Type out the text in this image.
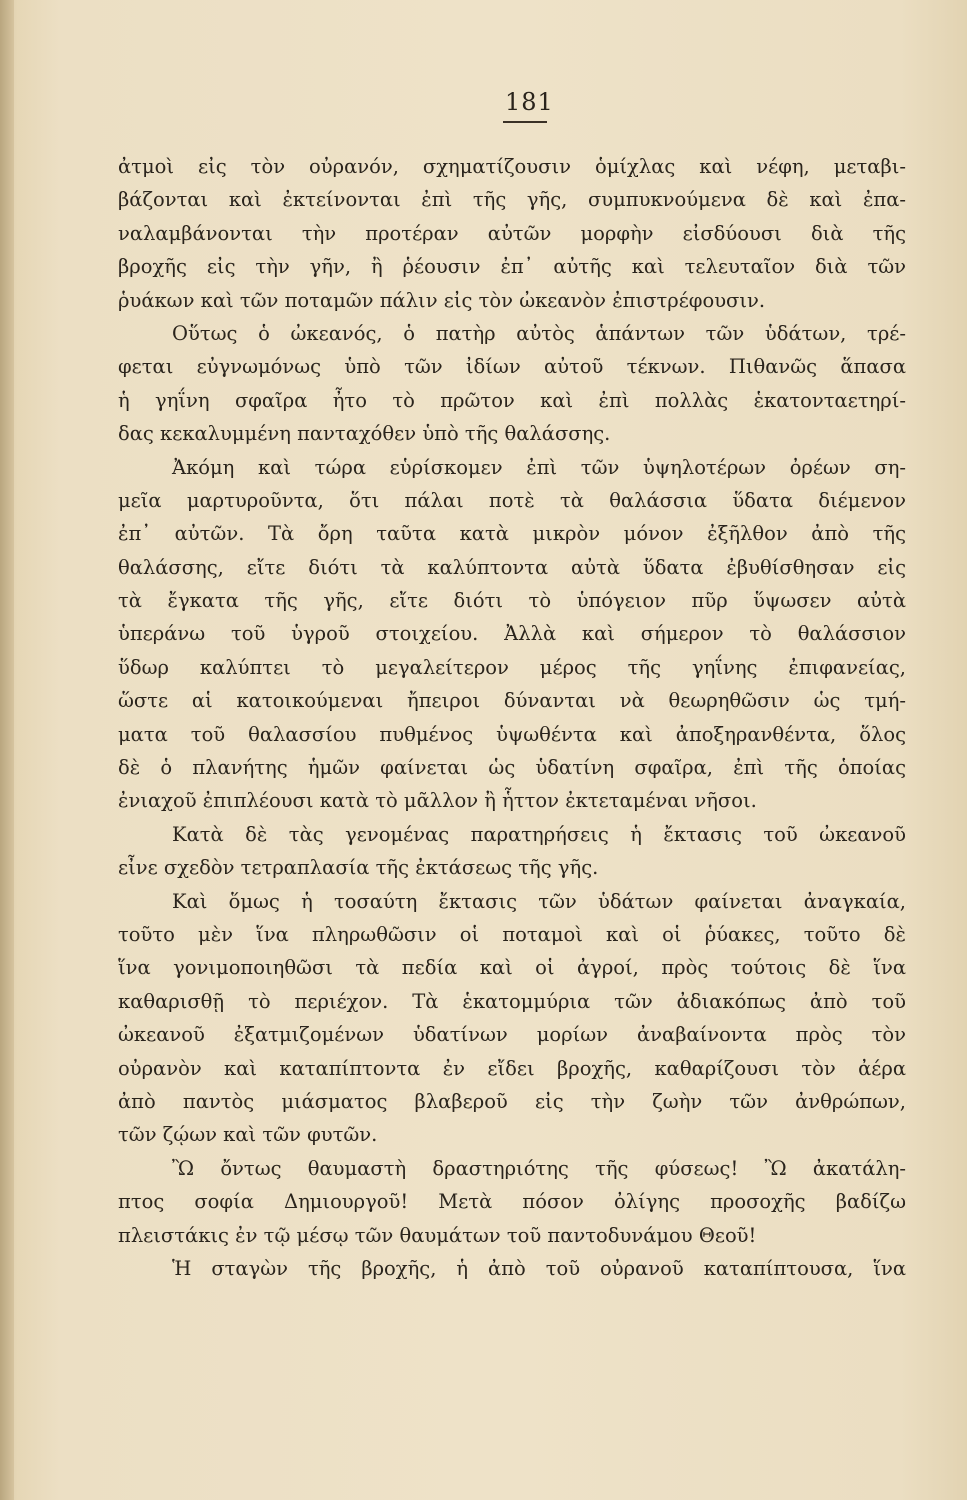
181
ἀτμοὶ εἰς τὸν οὐρανόν, σχηματίζουσιν ὁμίχλας καὶ νέφη, μεταβι-
βάζονται καὶ ἐκτείνονται ἐπὶ τῆς γῆς, συμπυκνούμενα δὲ καὶ ἐπα-
ναλαμβάνονται τὴν προτέραν αὐτῶν μορφὴν εἰσδύουσι διὰ τῆς
βροχῆς εἰς τὴν γῆν, ἢ ῥέουσιν ἐπ᾽ αὐτῆς καὶ τελευταῖον διὰ τῶν
ῥυάκων καὶ τῶν ποταμῶν πάλιν εἰς τὸν ὠκεανὸν ἐπιστρέφουσιν.
Οὕτως ὁ ὠκεανός, ὁ πατὴρ αὐτὸς ἁπάντων τῶν ὑδάτων, τρέ-
φεται εὐγνωμόνως ὑπὸ τῶν ἰδίων αὐτοῦ τέκνων. Πιθανῶς ἅπασα
ἡ γηΐνη σφαῖρα ἦτο τὸ πρῶτον καὶ ἐπὶ πολλὰς ἑκατονταετηρί-
δας κεκαλυμμένη πανταχόθεν ὑπὸ τῆς θαλάσσης.
Ἀκόμη καὶ τώρα εὑρίσκομεν ἐπὶ τῶν ὑψηλοτέρων ὀρέων ση-
μεῖα μαρτυροῦντα, ὅτι πάλαι ποτὲ τὰ θαλάσσια ὕδατα διέμενον
ἐπ᾽ αὐτῶν. Τὰ ὄρη ταῦτα κατὰ μικρὸν μόνον ἐξῆλθον ἀπὸ τῆς
θαλάσσης, εἴτε διότι τὰ καλύπτοντα αὐτὰ ὕδατα ἐβυθίσθησαν εἰς
τὰ ἔγκατα τῆς γῆς, εἴτε διότι τὸ ὑπόγειον πῦρ ὕψωσεν αὐτὰ
ὑπεράνω τοῦ ὑγροῦ στοιχείου. Ἀλλὰ καὶ σήμερον τὸ θαλάσσιον
ὕδωρ καλύπτει τὸ μεγαλείτερον μέρος τῆς γηΐνης ἐπιφανείας,
ὥστε αἱ κατοικούμεναι ἤπειροι δύνανται νὰ θεωρηθῶσιν ὡς τμή-
ματα τοῦ θαλασσίου πυθμένος ὑψωθέντα καὶ ἀποξηρανθέντα, ὅλος
δὲ ὁ πλανήτης ἡμῶν φαίνεται ὡς ὑδατίνη σφαῖρα, ἐπὶ τῆς ὁποίας
ἐνιαχοῦ ἐπιπλέουσι κατὰ τὸ μᾶλλον ἢ ἧττον ἐκτεταμέναι νῆσοι.
Κατὰ δὲ τὰς γενομένας παρατηρήσεις ἡ ἔκτασις τοῦ ὠκεανοῦ
εἶνε σχεδὸν τετραπλασία τῆς ἐκτάσεως τῆς γῆς.
Καὶ ὅμως ἡ τοσαύτη ἔκτασις τῶν ὑδάτων φαίνεται ἀναγκαία,
τοῦτο μὲν ἵνα πληρωθῶσιν οἱ ποταμοὶ καὶ οἱ ῥύακες, τοῦτο δὲ
ἵνα γονιμοποιηθῶσι τὰ πεδία καὶ οἱ ἀγροί, πρὸς τούτοις δὲ ἵνα
καθαρισθῇ τὸ περιέχον. Τὰ ἑκατομμύρια τῶν ἀδιακόπως ἀπὸ τοῦ
ὠκεανοῦ ἐξατμιζομένων ὑδατίνων μορίων ἀναβαίνοντα πρὸς τὸν
οὐρανὸν καὶ καταπίπτοντα ἐν εἴδει βροχῆς, καθαρίζουσι τὸν ἀέρα
ἀπὸ παντὸς μιάσματος βλαβεροῦ εἰς τὴν ζωὴν τῶν ἀνθρώπων,
τῶν ζῴων καὶ τῶν φυτῶν.
Ὢ ὄντως θαυμαστὴ δραστηριότης τῆς φύσεως! Ὢ ἀκατάλη-
πτος σοφία Δημιουργοῦ! Μετὰ πόσον ὀλίγης προσοχῆς βαδίζω
πλειστάκις ἐν τῷ μέσῳ τῶν θαυμάτων τοῦ παντοδυνάμου Θεοῦ!
Ἡ σταγὼν τῆς βροχῆς, ἡ ἀπὸ τοῦ οὐρανοῦ καταπίπτουσα, ἵνα
